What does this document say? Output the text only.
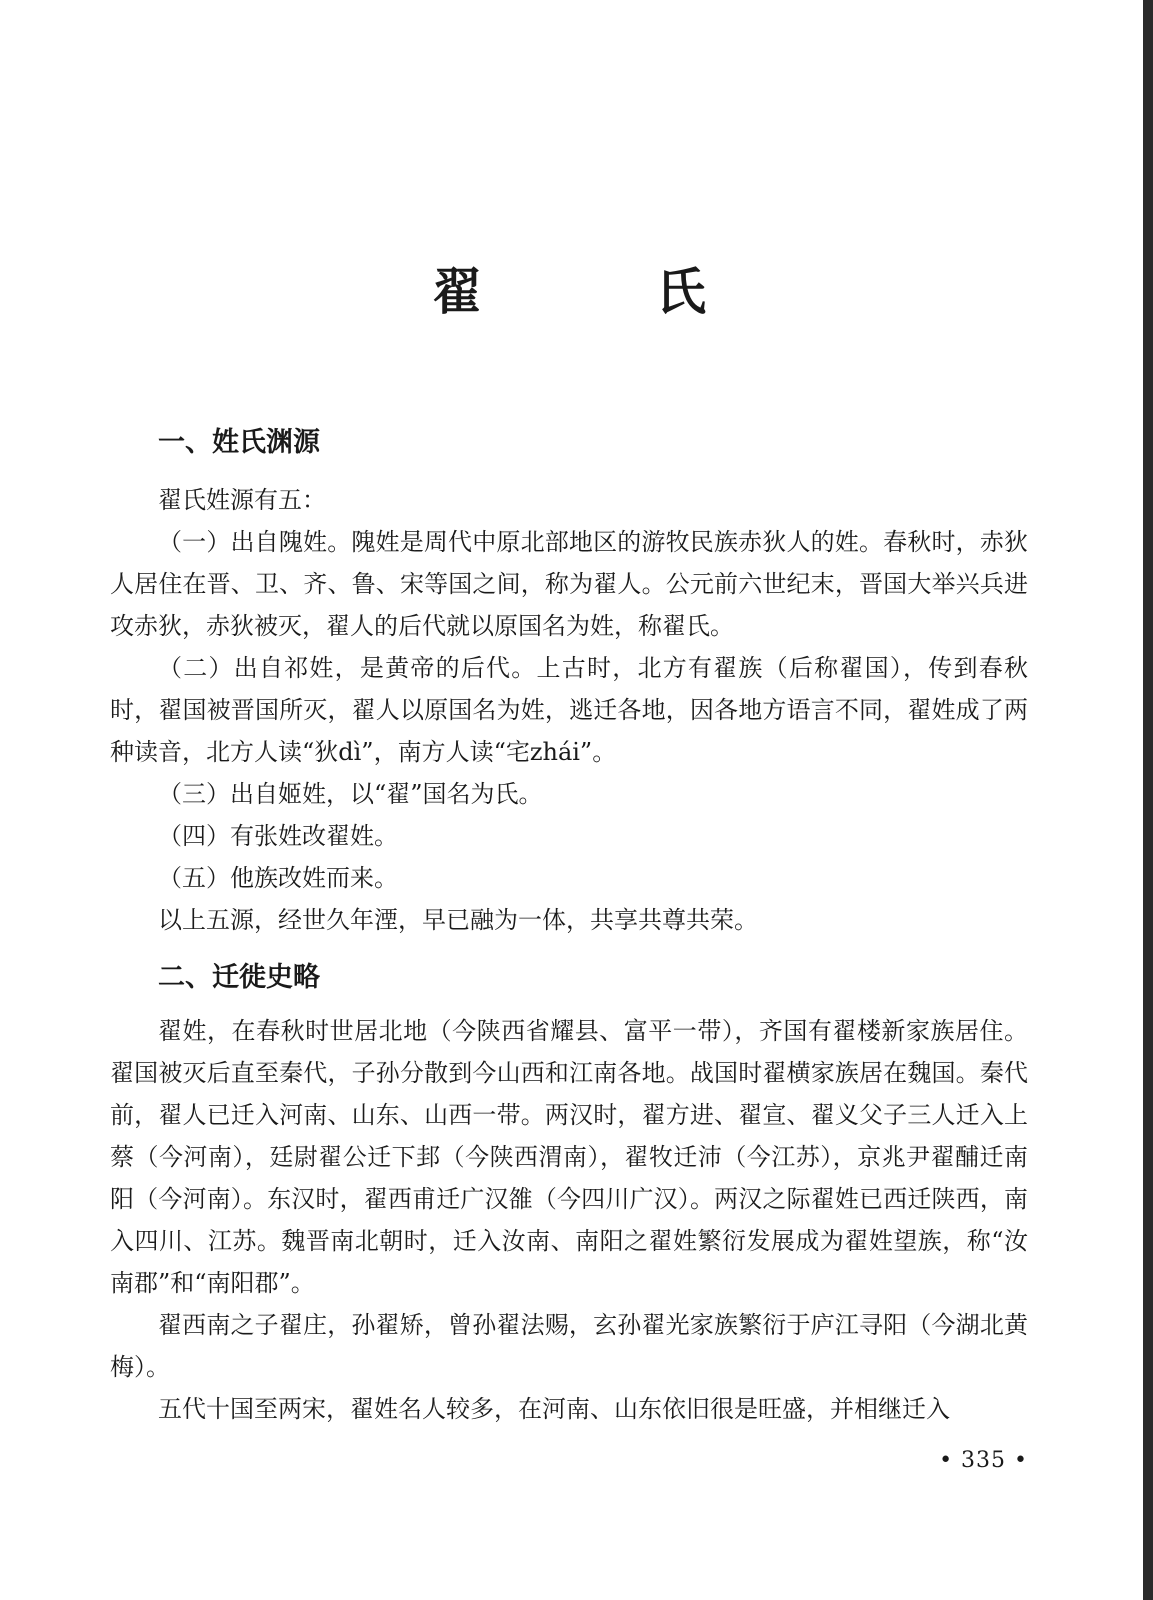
翟　氏
一、姓氏渊源

翟氏姓源有五：

（一）出自隗姓。隗姓是周代中原北部地区的游牧民族赤狄人的姓。春秋时，赤狄人居住在晋、卫、齐、鲁、宋等国之间，称为翟人。公元前六世纪末，晋国大举兴兵进攻赤狄，赤狄被灭，翟人的后代就以原国名为姓，称翟氏。

（二）出自祁姓，是黄帝的后代。上古时，北方有翟族（后称翟国），传到春秋时，翟国被晋国所灭，翟人以原国名为姓，逃迁各地，因各地方语言不同，翟姓成了两种读音，北方人读“狄dì”，南方人读“宅zhái”。

（三）出自姬姓，以“翟”国名为氏。

（四）有张姓改翟姓。

（五）他族改姓而来。

以上五源，经世久年湮，早已融为一体，共享共尊共荣。

二、迁徙史略

翟姓，在春秋时世居北地（今陕西省耀县、富平一带），齐国有翟楼新家族居住。翟国被灭后直至秦代，子孙分散到今山西和江南各地。战国时翟横家族居在魏国。秦代前，翟人已迁入河南、山东、山西一带。两汉时，翟方进、翟宣、翟义父子三人迁入上蔡（今河南），廷尉翟公迁下邽（今陕西渭南），翟牧迁沛（今江苏），京兆尹翟酺迁南阳（今河南）。东汉时，翟西甫迁广汉雒（今四川广汉）。两汉之际翟姓已西迁陕西，南入四川、江苏。魏晋南北朝时，迁入汝南、南阳之翟姓繁衍发展成为翟姓望族，称“汝南郡”和“南阳郡”。

翟西南之子翟庄，孙翟矫，曾孙翟法赐，玄孙翟光家族繁衍于庐江寻阳（今湖北黄梅）。

五代十国至两宋，翟姓名人较多，在河南、山东依旧很是旺盛，并相继迁入

• 335 •
